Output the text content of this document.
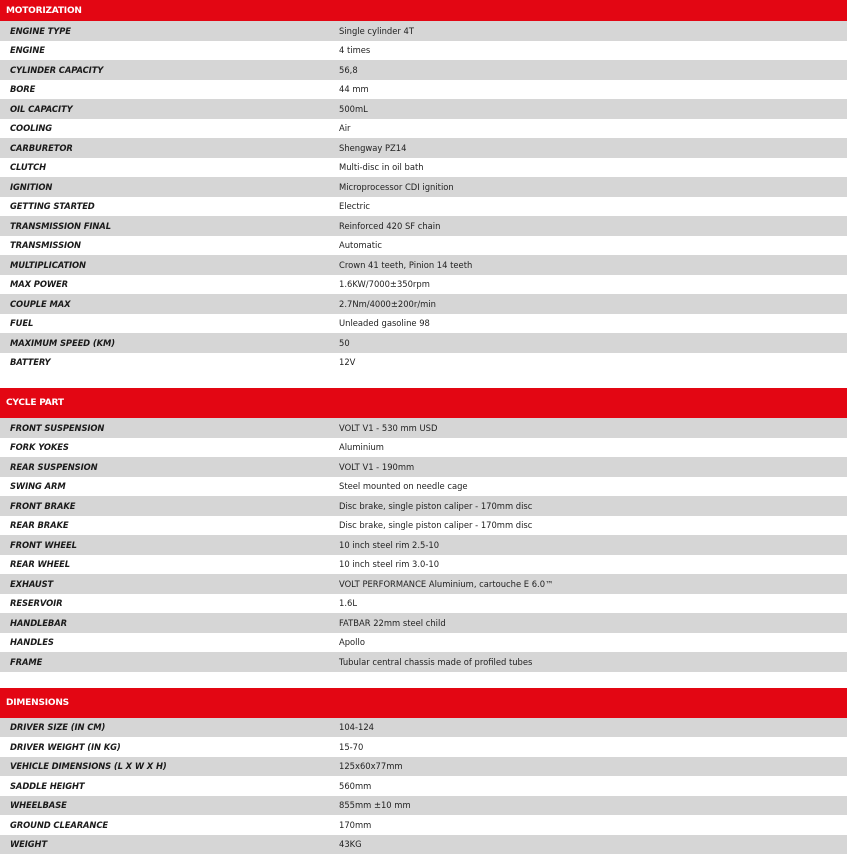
MOTORIZATION
ENGINE TYPE	Single cylinder 4T
ENGINE	4 times
CYLINDER CAPACITY	56,8
BORE	44 mm
OIL CAPACITY	500mL
COOLING	Air
CARBURETOR	Shengway PZ14
CLUTCH	Multi-disc in oil bath
IGNITION	Microprocessor CDI ignition
GETTING STARTED	Electric
TRANSMISSION FINAL	Reinforced 420 SF chain
TRANSMISSION	Automatic
MULTIPLICATION	Crown 41 teeth, Pinion 14 teeth
MAX POWER	1.6KW/7000±350rpm
COUPLE MAX	2.7Nm/4000±200r/min
FUEL	Unleaded gasoline 98
MAXIMUM SPEED (KM)	50
BATTERY	12V
CYCLE PART
FRONT SUSPENSION	VOLT V1 - 530 mm USD
FORK YOKES	Aluminium
REAR SUSPENSION	VOLT V1 - 190mm
SWING ARM	Steel mounted on needle cage
FRONT BRAKE	Disc brake, single piston caliper - 170mm disc
REAR BRAKE	Disc brake, single piston caliper - 170mm disc
FRONT WHEEL	10 inch steel rim 2.5-10
REAR WHEEL	10 inch steel rim 3.0-10
EXHAUST	VOLT PERFORMANCE Aluminium, cartouche E 6.0™
RESERVOIR	1.6L
HANDLEBAR	FATBAR 22mm steel child
HANDLES	Apollo
FRAME	Tubular central chassis made of profiled tubes
DIMENSIONS
DRIVER SIZE (IN CM)	104-124
DRIVER WEIGHT (IN KG)	15-70
VEHICLE DIMENSIONS (L X W X H)	125x60x77mm
SADDLE HEIGHT	560mm
WHEELBASE	855mm ±10 mm
GROUND CLEARANCE	170mm
WEIGHT	43KG
